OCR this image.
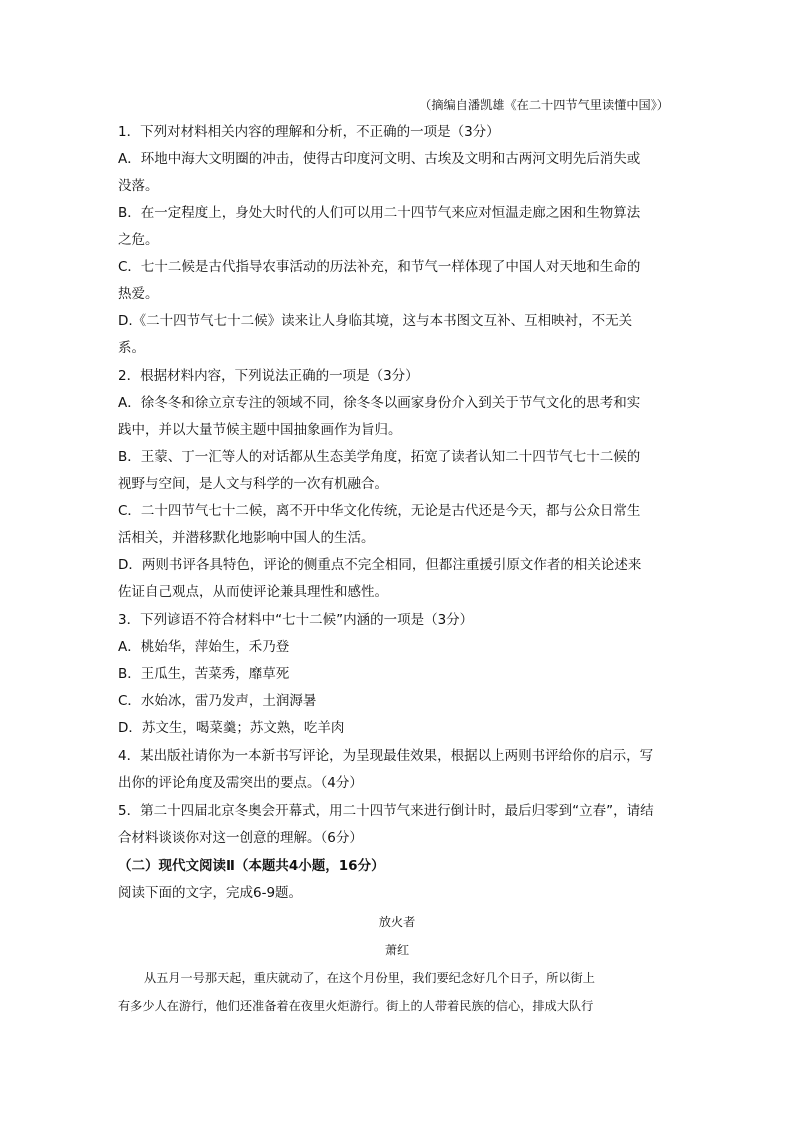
（摘编自潘凯雄《在二十四节气里读懂中国》）
1．下列对材料相关内容的理解和分析，不正确的一项是（3分）
A．环地中海大文明圈的冲击，使得古印度河文明、古埃及文明和古两河文明先后消失或
没落。
B．在一定程度上，身处大时代的人们可以用二十四节气来应对恒温走廊之困和生物算法
之危。
C．七十二候是古代指导农事活动的历法补充，和节气一样体现了中国人对天地和生命的
热爱。
D.《二十四节气七十二候》读来让人身临其境，这与本书图文互补、互相映衬，不无关
系。
2．根据材料内容，下列说法正确的一项是（3分）
A．徐冬冬和徐立京专注的领域不同，徐冬冬以画家身份介入到关于节气文化的思考和实
践中，并以大量节候主题中国抽象画作为旨归。
B．王蒙、丁一汇等人的对话都从生态美学角度，拓宽了读者认知二十四节气七十二候的
视野与空间，是人文与科学的一次有机融合。
C．二十四节气七十二候，离不开中华文化传统，无论是古代还是今天，都与公众日常生
活相关，并潜移默化地影响中国人的生活。
D．两则书评各具特色，评论的侧重点不完全相同，但都注重援引原文作者的相关论述来
佐证自己观点，从而使评论兼具理性和感性。
3．下列谚语不符合材料中“七十二候”内涵的一项是（3分）
A．桃始华，萍始生，禾乃登
B．王瓜生，苦菜秀，靡草死
C．水始冰，雷乃发声，土润溽暑
D．苏文生，喝菜羹；苏文熟，吃羊肉
4．某出版社请你为一本新书写评论，为呈现最佳效果，根据以上两则书评给你的启示，写
出你的评论角度及需突出的要点。（4分）
5．第二十四届北京冬奥会开幕式，用二十四节气来进行倒计时，最后归零到“立春”，请结
合材料谈谈你对这一创意的理解。（6分）
（二）现代文阅读Ⅱ（本题共4小题，16分）
阅读下面的文字，完成6-9题。
放火者
萧红
从五月一号那天起，重庆就动了，在这个月份里，我们要纪念好几个日子，所以街上
有多少人在游行，他们还准备着在夜里火炬游行。街上的人带着民族的信心，排成大队行
